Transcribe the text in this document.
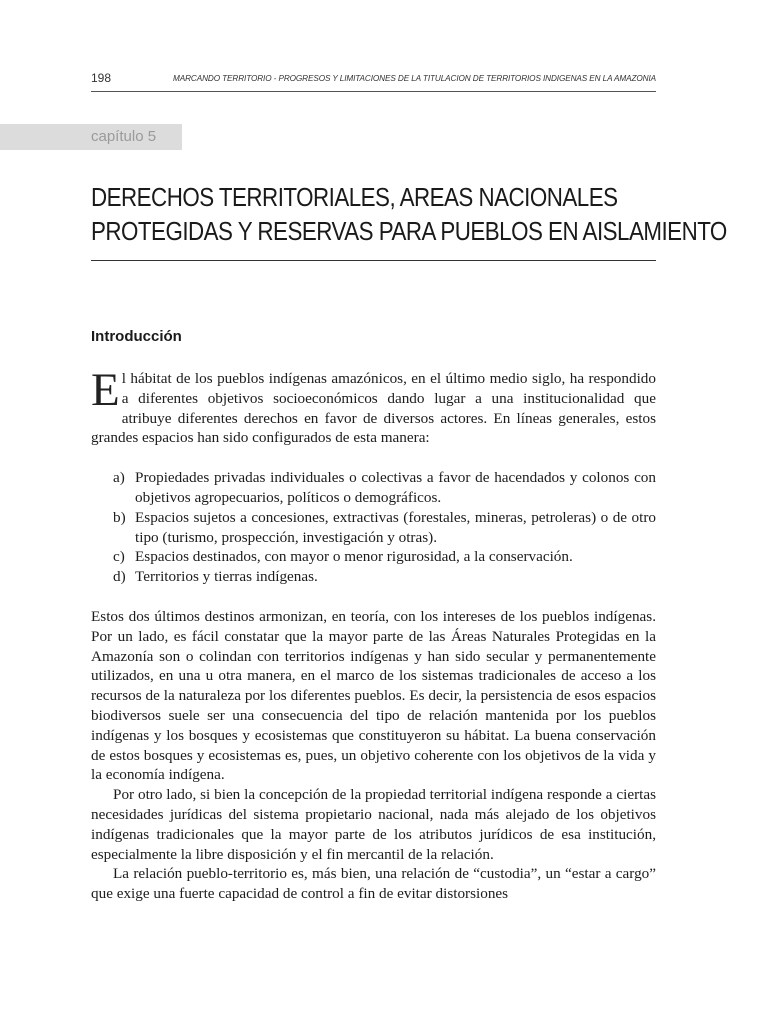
198	MARCANDO TERRITORIO - PROGRESOS Y LIMITACIONES DE LA TITULACION DE TERRITORIOS INDIGENAS EN LA AMAZONIA
capítulo 5
DERECHOS TERRITORIALES, AREAS NACIONALES
PROTEGIDAS Y RESERVAS PARA PUEBLOS EN AISLAMIENTO
Introducción

El hábitat de los pueblos indígenas amazónicos, en el último medio siglo, ha respondido a diferentes objetivos socioeconómicos dando lugar a una institucionalidad que atribuye diferentes derechos en favor de diversos actores. En líneas generales, estos grandes espacios han sido configurados de esta manera:

a) Propiedades privadas individuales o colectivas a favor de hacendados y colonos con objetivos agropecuarios, políticos o demográficos.
b) Espacios sujetos a concesiones, extractivas (forestales, mineras, petroleras) o de otro tipo (turismo, prospección, investigación y otras).
c) Espacios destinados, con mayor o menor rigurosidad, a la conservación.
d) Territorios y tierras indígenas.

Estos dos últimos destinos armonizan, en teoría, con los intereses de los pueblos indígenas. Por un lado, es fácil constatar que la mayor parte de las Áreas Naturales Protegidas en la Amazonía son o colindan con territorios indígenas y han sido secular y permanentemente utilizados, en una u otra manera, en el marco de los sistemas tradicionales de acceso a los recursos de la naturaleza por los diferentes pueblos. Es decir, la persistencia de esos espacios biodiversos suele ser una consecuencia del tipo de relación mantenida por los pueblos indígenas y los bosques y ecosistemas que constituyeron su hábitat. La buena conservación de estos bosques y ecosistemas es, pues, un objetivo coherente con los objetivos de la vida y la economía indígena.

Por otro lado, si bien la concepción de la propiedad territorial indígena responde a ciertas necesidades jurídicas del sistema propietario nacional, nada más alejado de los objetivos indígenas tradicionales que la mayor parte de los atributos jurídicos de esa institución, especialmente la libre disposición y el fin mercantil de la relación.

La relación pueblo-territorio es, más bien, una relación de “custodia”, un “estar a cargo” que exige una fuerte capacidad de control a fin de evitar distorsiones
